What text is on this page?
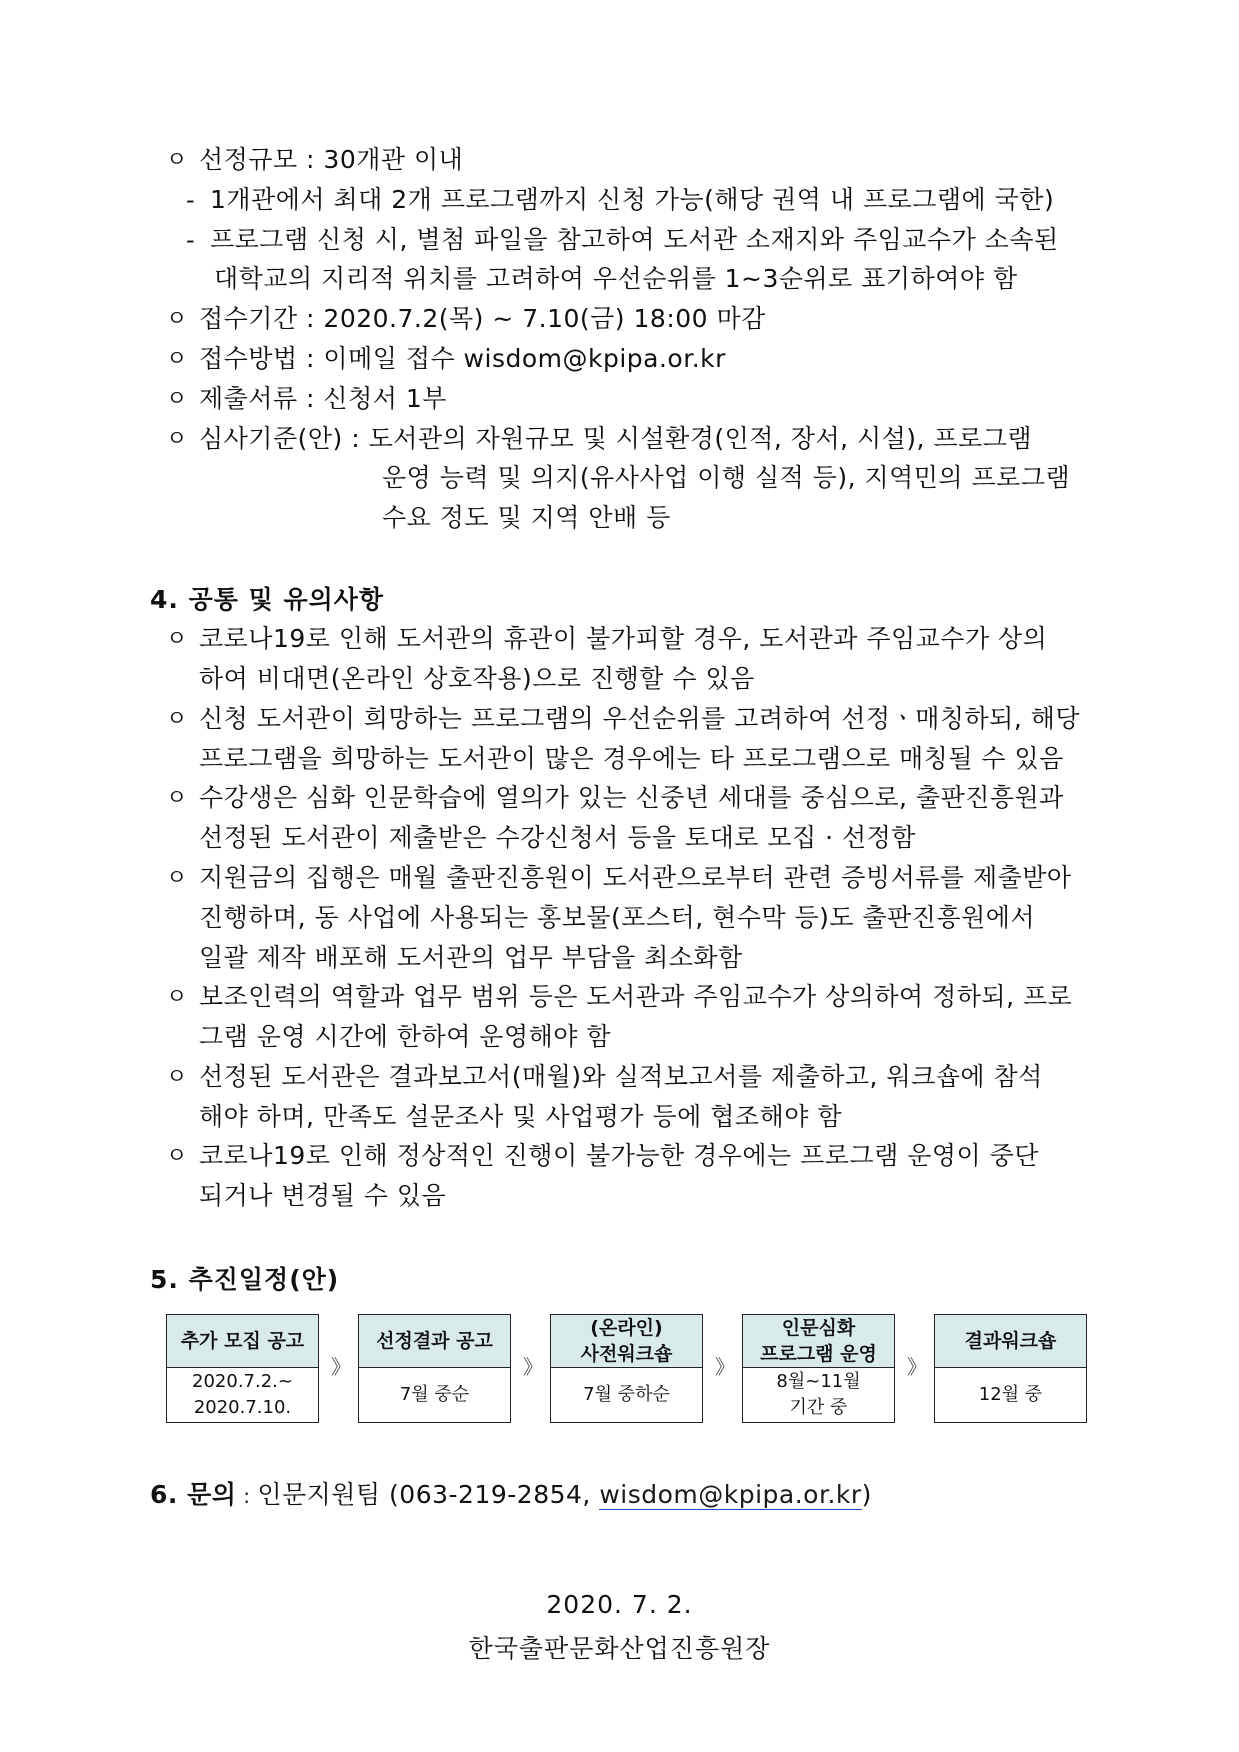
ㅇ 선정규모 : 30개관 이내
- 1개관에서 최대 2개 프로그램까지 신청 가능(해당 권역 내 프로그램에 국한)
- 프로그램 신청 시, 별첨 파일을 참고하여 도서관 소재지와 주임교수가 소속된
대학교의 지리적 위치를 고려하여 우선순위를 1~3순위로 표기하여야 함
ㅇ 접수기간 : 2020.7.2(목) ~ 7.10(금) 18:00 마감
ㅇ 접수방법 : 이메일 접수 wisdom@kpipa.or.kr
ㅇ 제출서류 : 신청서 1부
ㅇ 심사기준(안) : 도서관의 자원규모 및 시설환경(인적, 장서, 시설), 프로그램
운영 능력 및 의지(유사사업 이행 실적 등), 지역민의 프로그램
수요 정도 및 지역 안배 등
4. 공통 및 유의사항
ㅇ 코로나19로 인해 도서관의 휴관이 불가피할 경우, 도서관과 주임교수가 상의
하여 비대면(온라인 상호작용)으로 진행할 수 있음
ㅇ 신청 도서관이 희망하는 프로그램의 우선순위를 고려하여 선정ㆍ매칭하되, 해당
프로그램을 희망하는 도서관이 많은 경우에는 타 프로그램으로 매칭될 수 있음
ㅇ 수강생은 심화 인문학습에 열의가 있는 신중년 세대를 중심으로, 출판진흥원과
선정된 도서관이 제출받은 수강신청서 등을 토대로 모집 · 선정함
ㅇ 지원금의 집행은 매월 출판진흥원이 도서관으로부터 관련 증빙서류를 제출받아
진행하며, 동 사업에 사용되는 홍보물(포스터, 현수막 등)도 출판진흥원에서
일괄 제작 배포해 도서관의 업무 부담을 최소화함
ㅇ 보조인력의 역할과 업무 범위 등은 도서관과 주임교수가 상의하여 정하되, 프로
그램 운영 시간에 한하여 운영해야 함
ㅇ 선정된 도서관은 결과보고서(매월)와 실적보고서를 제출하고, 워크숍에 참석
해야 하며, 만족도 설문조사 및 사업평가 등에 협조해야 함
ㅇ 코로나19로 인해 정상적인 진행이 불가능한 경우에는 프로그램 운영이 중단
되거나 변경될 수 있음
5. 추진일정(안)
추가 모집 공고
2020.7.2.~
2020.7.10.
》
선정결과 공고
7월 중순
》
(온라인)
사전워크숍
7월 중하순
》
인문심화
프로그램 운영
8월~11월
기간 중
》
결과워크숍
12월 중
6. 문의 : 인문지원팀 (063-219-2854, wisdom@kpipa.or.kr)
2020. 7. 2.
한국출판문화산업진흥원장
